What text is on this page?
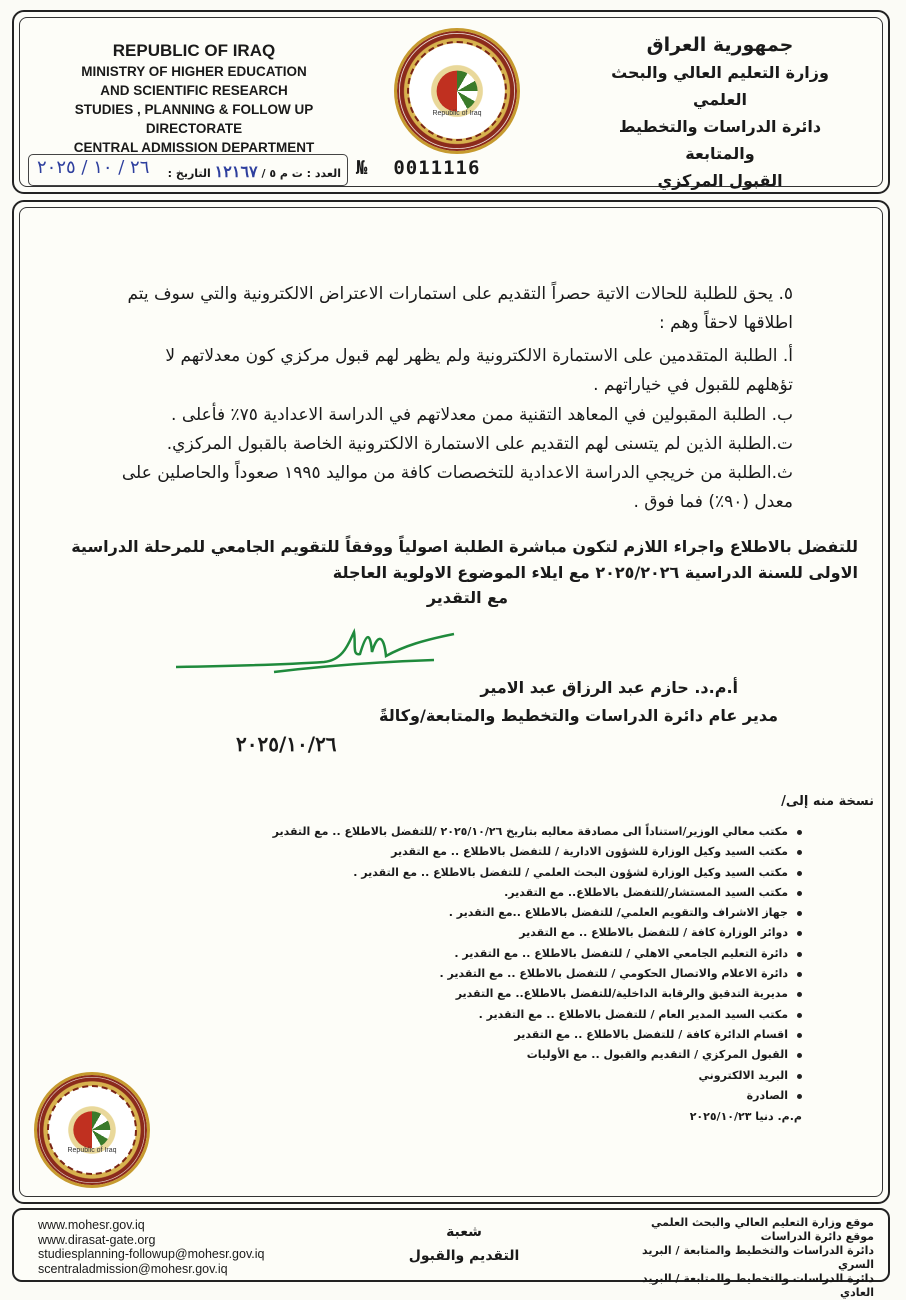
REPUBLIC OF IRAQ
MINISTRY OF HIGHER EDUCATION
AND SCIENTIFIC RESEARCH
STUDIES , PLANNING & FOLLOW UP DIRECTORATE
CENTRAL ADMISSION DEPARTMENT
Republic of Iraq
جمهورية العراق
وزارة التعليم العالي والبحث العلمي
دائرة الدراسات والتخطيط والمتابعة
القبول المركزي
العدد : ت م ٥ / ١٢١٦٧ التاريخ :
٢٦ / ١٠ / ٢٠٢٥	№ 0011116
٥. يحق للطلبة للحالات الاتية حصراً التقديم على استمارات الاعتراض الالكترونية والتي سوف يتم اطلاقها لاحقاً وهم :
أ. الطلبة المتقدمين على الاستمارة الالكترونية ولم يظهر لهم قبول مركزي كون معدلاتهم لا تؤهلهم للقبول في خياراتهم .
ب. الطلبة المقبولين في المعاهد التقنية ممن معدلاتهم في الدراسة الاعدادية ٧٥٪ فأعلى .
ت.الطلبة الذين لم يتسنى لهم التقديم على الاستمارة الالكترونية الخاصة بالقبول المركزي.
ث.الطلبة من خريجي الدراسة الاعدادية للتخصصات كافة من مواليد ١٩٩٥ صعوداً والحاصلين على معدل (٩٠٪) فما فوق .
للتفضل بالاطلاع واجراء اللازم لتكون مباشرة الطلبة اصولياً ووفقاً للتقويم الجامعي للمرحلة الدراسية الاولى للسنة الدراسية ٢٠٢٥/٢٠٢٦ مع ايلاء الموضوع الاولوية العاجلة
مع التقدير
أ.م.د. حازم عبد الرزاق عبد الامير
مدير عام دائرة الدراسات والتخطيط والمتابعة/وكالةً
٢٠٢٥/١٠/٢٦
نسخة منه إلى/
مكتب معالي الوزير/استناداً الى مصادقة معاليه بتاريخ ٢٠٢٥/١٠/٢٦ /للتفضل بالاطلاع .. مع التقدير
مكتب السيد وكيل الوزارة للشؤون الادارية / للتفضل بالاطلاع .. مع التقدير
مكتب السيد وكيل الوزارة لشؤون البحث العلمي / للتفضل بالاطلاع .. مع التقدير .
مكتب السيد المستشار/للتفضل بالاطلاع.. مع التقدير.
جهاز الاشراف والتقويم العلمي/ للتفضل بالاطلاع ..مع التقدير .
دوائر الوزارة كافة / للتفضل بالاطلاع .. مع التقدير
دائرة التعليم الجامعي الاهلي / للتفضل بالاطلاع .. مع التقدير .
دائرة الاعلام والاتصال الحكومي / للتفضل بالاطلاع .. مع التقدير .
مديرية التدقيق والرقابة الداخلية/للتفضل بالاطلاع.. مع التقدير
مكتب السيد المدير العام / للتفضل بالاطلاع .. مع التقدير .
اقسام الدائرة كافة / للتفضل بالاطلاع .. مع التقدير
القبول المركزي / التقديم والقبول .. مع الأوليات
البريد الالكتروني
الصادرة
م.م. دنيا ٢٠٢٥/١٠/٢٣
Republic of Iraq
www.mohesr.gov.iq
www.dirasat-gate.org
studiesplanning-followup@mohesr.gov.iq
scentraladmission@mohesr.gov.iq
شعبة
التقديم والقبول
موقع وزارة التعليم العالي والبحث العلمي
موقع دائرة الدراسات
دائرة الدراسات والتخطيط والمتابعة / البريد السري
دائرة الدراسات والتخطيط والمتابعة / البريد العادي
